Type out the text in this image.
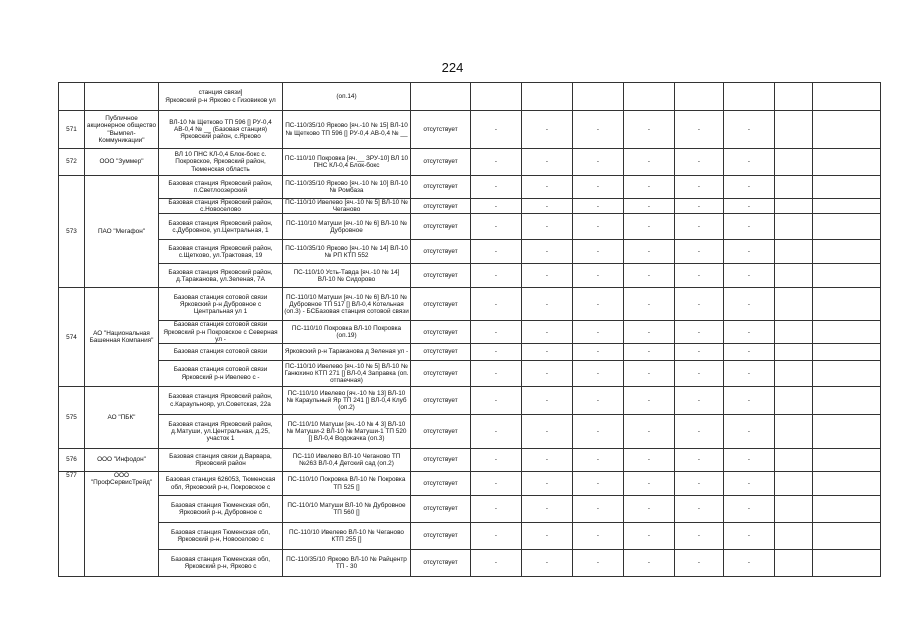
224
		станция связи]
Ярковский р-н Ярково с Гизовиков ул	(оп.14)									
571	Публичное акционерное общество "Вымпел-Коммуникации"	ВЛ-10 № Щетково ТП 596 [] РУ-0,4 АВ-0,4 № __ (Базовая станция) Ярковский район, с.Ярково	ПС-110/35/10 Ярково [яч.-10 № 15] ВЛ-10 № Щетково ТП 596 [] РУ-0,4 АВ-0,4 № __	отсутствует	-	-	-	-	-	-		
572	ООО "Зуммер"	ВЛ 10 ПНС КЛ-0,4 Блок-бокс с. Покровское, Ярковский район, Тюменская область	ПС-110/10 Покровка [яч.__ ЗРУ-10] ВЛ 10 ПНС КЛ-0,4 Блок-бокс	отсутствует	-	-	-	-	-	-		
573	ПАО "Мегафон"	Базовая станция Ярковский район, п.Светлоозерский	ПС-110/35/10 Ярково [яч.-10 № 10] ВЛ-10 № Ромбаза	отсутствует	-	-	-	-	-	-		
		Базовая станция Ярковский район, с.Новоселово	ПС-110/10 Ивелево [яч.-10 № 5] ВЛ-10 № Чеганово	отсутствует	-	-	-	-	-	-		
		Базовая станция Ярковский район, с.Дубровное, ул.Центральная, 1	ПС-110/10 Матуши [яч.-10 № 6] ВЛ-10 № Дубровное	отсутствует	-	-	-	-	-	-		
		Базовая станция Ярковский район, с.Щетково, ул.Трактовая, 19	ПС-110/35/10 Ярково [яч.-10 № 14] ВЛ-10 № РП КТП 552	отсутствует	-	-	-	-	-	-		
		Базовая станция Ярковский район, д.Тараканова, ул.Зеленая, 7А	ПС-110/10 Усть-Тавда [яч.-10 № 14] ВЛ-10 № Сидорово	отсутствует	-	-	-	-	-	-		
574	АО "Национальная Башенная Компания"	Базовая станция сотовой связи Ярковский р-н Дубровное с Центральная ул 1	ПС-110/10 Матуши [яч.-10 № 6] ВЛ-10 № Дубровное ТП 517 [] ВЛ-0,4 Котельная (оп.3) - БСБазовая станция сотовой связи	отсутствует	-	-	-	-	-	-		
		Базовая станция сотовой связи Ярковский р-н Покровское с Северная ул -	ПС-110/10 Покровка ВЛ-10 Покровка (оп.19)	отсутствует	-	-	-	-	-	-		
		Базовая станция сотовой связи	Ярковский р-н Тараканова д Зеленая ул -	отсутствует	-	-	-	-	-	-		
		Базовая станция сотовой связи Ярковский р-н Ивелево с -	ПС-110/10 Ивелево [яч.-10 № 5] ВЛ-10 № Ганюхино КТП 271 [] ВЛ-0,4 Заправка (оп. отпаечная)	отсутствует	-	-	-	-	-	-		
575	АО "ПБК"	Базовая станция Ярковский район, с.Караульнояр, ул.Советская, 22а	ПС-110/10 Ивелево [яч.-10 № 13] ВЛ-10 № Караульный Яр ТП 241 [] ВЛ-0,4 Клуб (оп.2)	отсутствует	-	-	-	-	-	-		
		Базовая станция Ярковский район, д.Матуши, ул.Центральная, д.25, участок 1	ПС-110/10 Матуши [яч.-10 № 4 3] ВЛ-10 № Матуши-2 ВЛ-10 № Матуши-1 ТП 520 [] ВЛ-0,4 Водокачка (оп.3)	отсутствует	-	-	-	-	-	-		
576	ООО "Инфодон"	Базовая станция связи д.Варвара, Ярковский район	ПС-110 Ивелево ВЛ-10 Чеганово ТП №263 ВЛ-0,4 Детский сад (оп.2)	отсутствует	-	-	-	-	-	-		
577	ООО "ПрофСервисТрейд"	Базовая станция 626053, Тюменская обл, Ярковский р-н, Покровское с	ПС-110/10 Покровка ВЛ-10 № Покровка ТП 525 []	отсутствует	-	-	-	-	-	-		
		Базовая станция Тюменская обл, Ярковский р-н, Дубровное с	ПС-110/10 Матуши ВЛ-10 № Дубровное ТП 560 []	отсутствует	-	-	-	-	-	-		
		Базовая станция Тюменская обл, Ярковский р-н, Новоселово с	ПС-110/10 Ивелево ВЛ-10 № Чеганово КТП 255 []	отсутствует	-	-	-	-	-	-		
		Базовая станция Тюменская обл, Ярковский р-н, Ярково с	ПС-110/35/10 Ярково ВЛ-10 № Райцентр ТП - 30	отсутствует	-	-	-	-	-	-		
